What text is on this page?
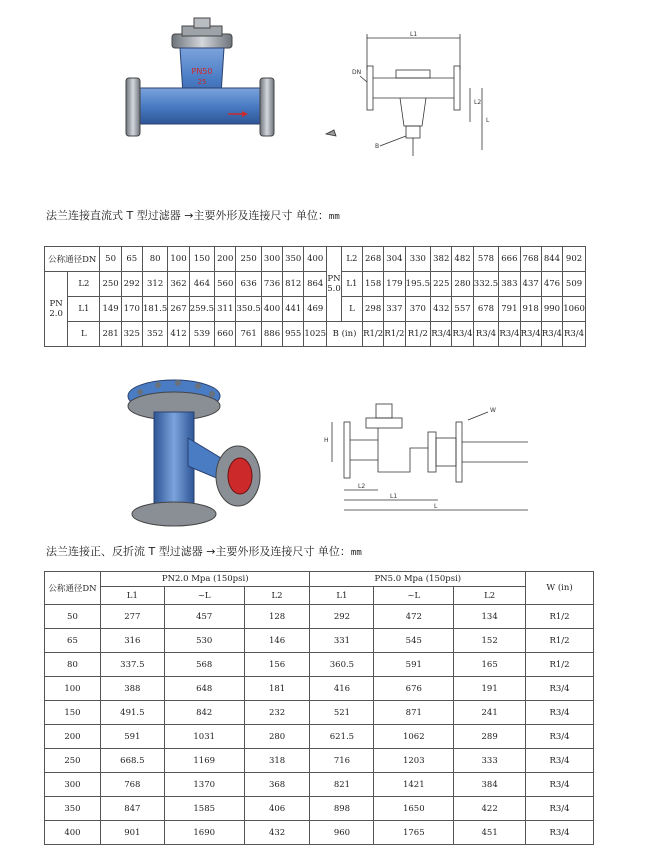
PN50
25
L1
DN
B
L2
L
法兰连接直流式 T 型过滤器 →主要外形及连接尺寸 单位：mm
公称通径DN		50	65	80	100	150	200	250	300	350	400	PN 5.0	L2	268	304	330	382	482	578	666	768	844	902
PN 2.0	L2	250	292	312	362	464	560	636	736	812	864		L1	158	179	195.5	225	280	332.5	383	437	476	509
	L1	149	170	181.5	267	259.5	311	350.5	400	441	469		L	298	337	370	432	557	678	791	918	990	1060
	L	281	325	352	412	539	660	761	886	955	1025	B (in)		R1/2	R1/2	R1/2	R3/4	R3/4	R3/4	R3/4	R3/4	R3/4	R3/4
H
L2
L1
L
W
法兰连接正、反折流 T 型过滤器 →主要外形及连接尺寸 单位：mm
公称通径DN	PN2.0 Mpa (150psi)			PN5.0 Mpa (150psi)			W (in)
	L1	~L	L2	L1	~L	L2	
50	277	457	128	292	472	134	R1/2
65	316	530	146	331	545	152	R1/2
80	337.5	568	156	360.5	591	165	R1/2
100	388	648	181	416	676	191	R3/4
150	491.5	842	232	521	871	241	R3/4
200	591	1031	280	621.5	1062	289	R3/4
250	668.5	1169	318	716	1203	333	R3/4
300	768	1370	368	821	1421	384	R3/4
350	847	1585	406	898	1650	422	R3/4
400	901	1690	432	960	1765	451	R3/4
